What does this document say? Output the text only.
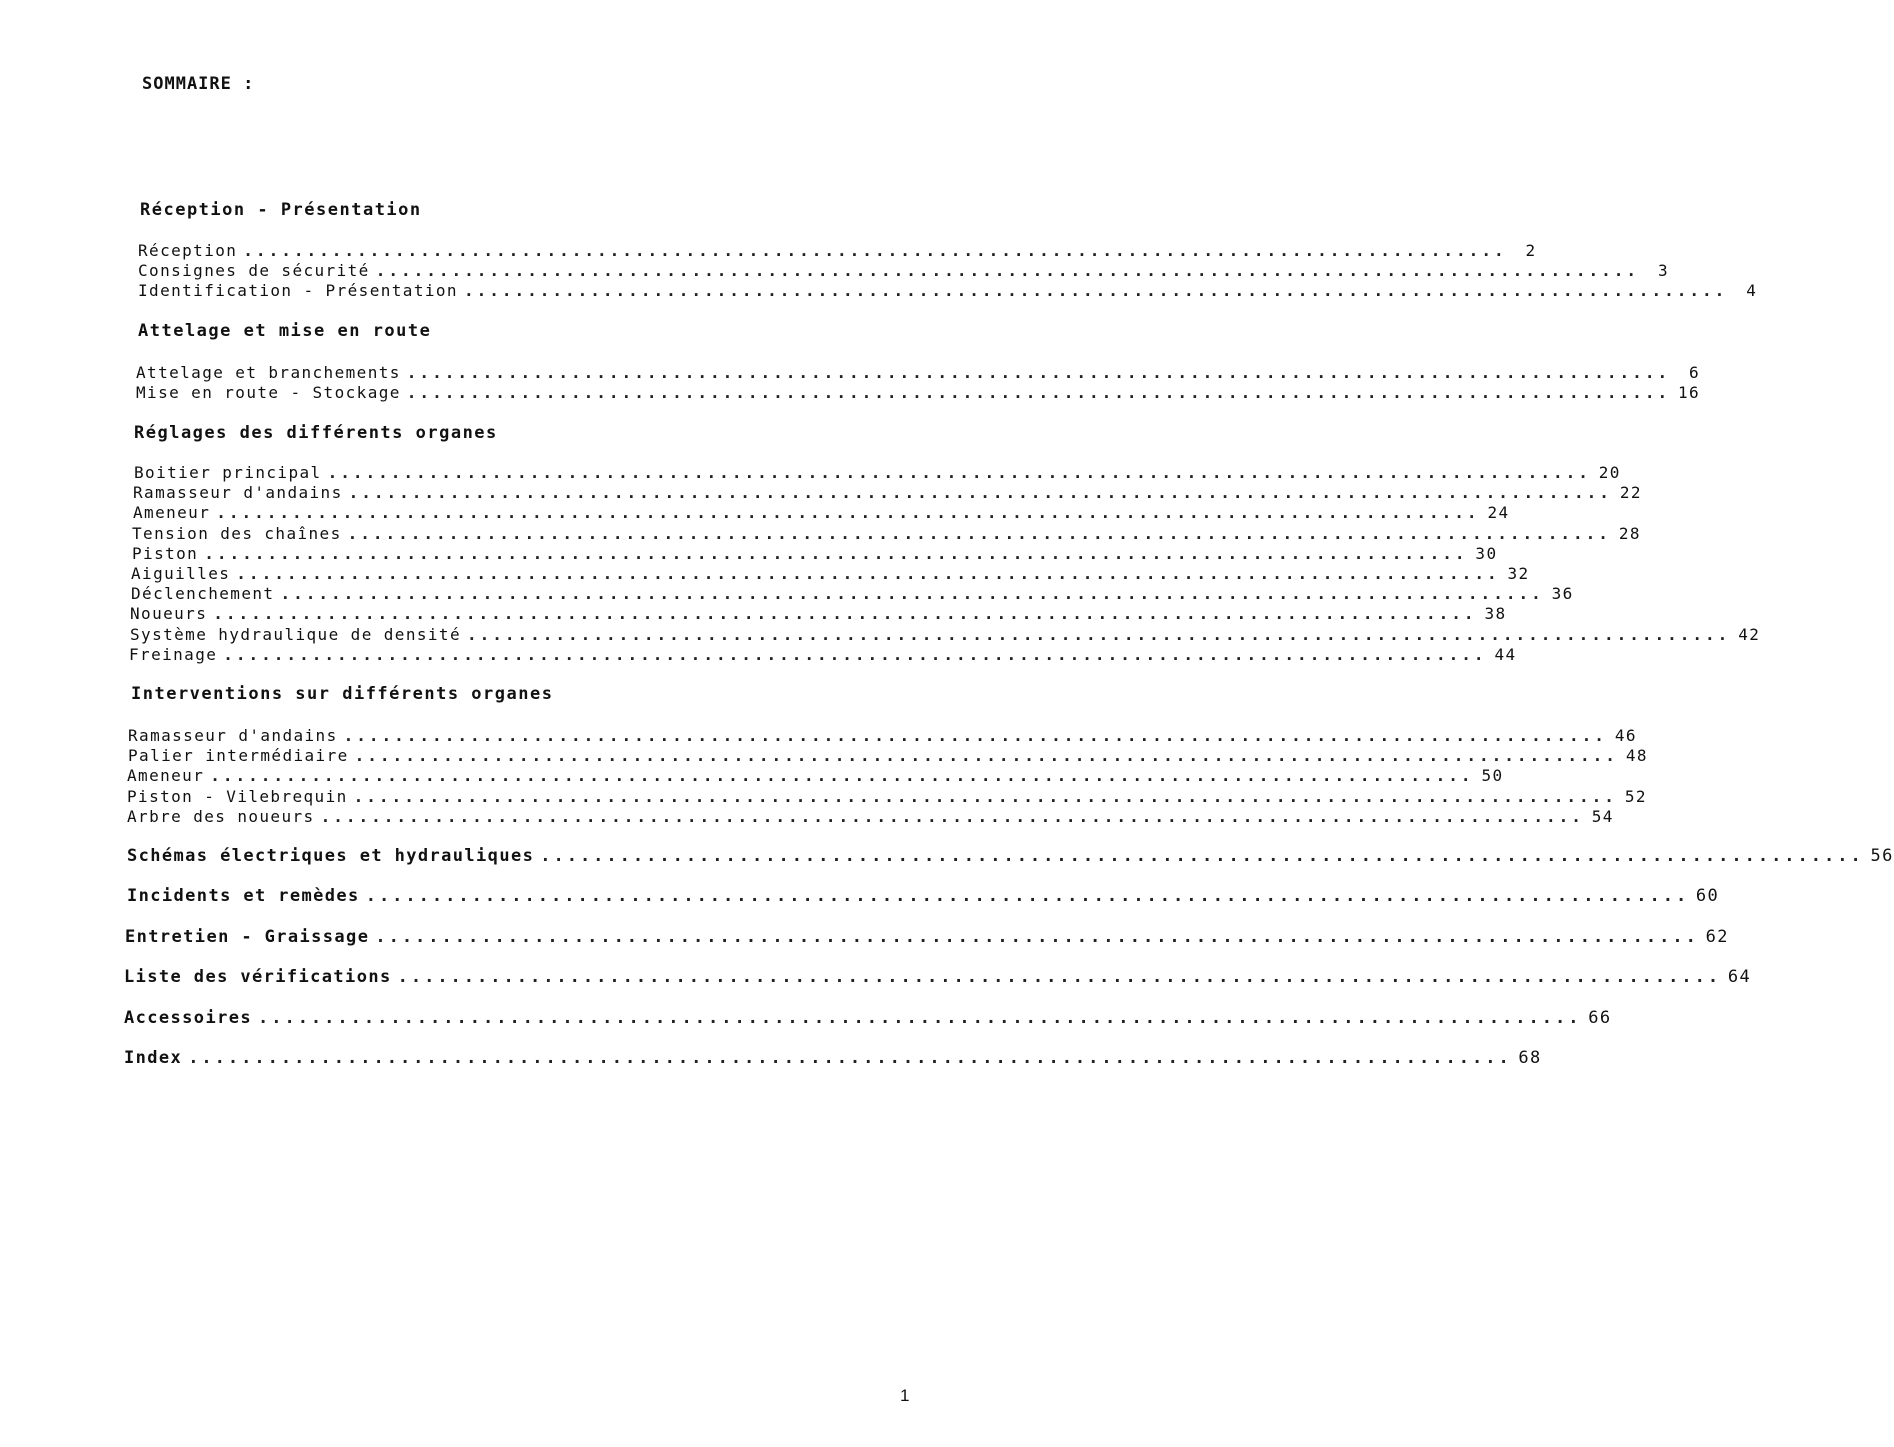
SOMMAIRE :
Réception - Présentation
Réception ....................................................................................................	2
Consignes de sécurité ....................................................................................................	3
Identification - Présentation ....................................................................................................	4
Attelage et mise en route
Attelage et branchements ....................................................................................................	6
Mise en route - Stockage .................................................................................................... 16
Réglages des différents organes
Boitier principal .................................................................................................... 20
Ramasseur d'andains .................................................................................................... 22
Ameneur .................................................................................................... 24
Tension des chaînes .................................................................................................... 28
Piston .................................................................................................... 30
Aiguilles .................................................................................................... 32
Déclenchement .................................................................................................... 36
Noueurs .................................................................................................... 38
Système hydraulique de densité .................................................................................................... 42
Freinage .................................................................................................... 44
Interventions sur différents organes
Ramasseur d'andains .................................................................................................... 46
Palier intermédiaire .................................................................................................... 48
Ameneur .................................................................................................... 50
Piston - Vilebrequin .................................................................................................... 52
Arbre des noueurs .................................................................................................... 54
Schémas électriques et hydrauliques .................................................................................................... 56
Incidents et remèdes .................................................................................................... 60
Entretien - Graissage .................................................................................................... 62
Liste des vérifications .................................................................................................... 64
Accessoires .................................................................................................... 66
Index .................................................................................................... 68
1
